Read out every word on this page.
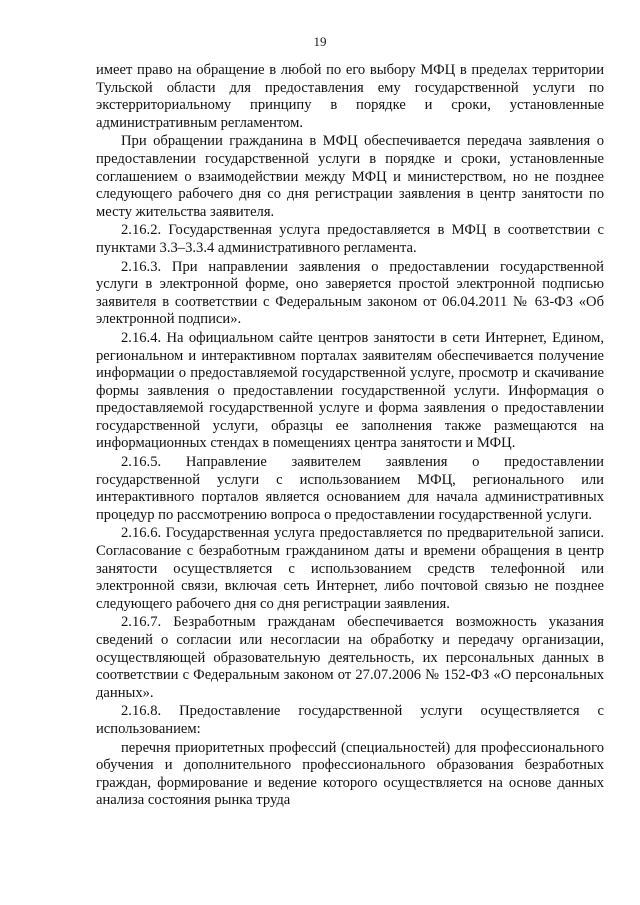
19

имеет право на обращение в любой по его выбору МФЦ в пределах территории Тульской области для предоставления ему государственной услуги по экстерриториальному принципу в порядке и сроки, установленные административным регламентом.

При обращении гражданина в МФЦ обеспечивается передача заявления о предоставлении государственной услуги в порядке и сроки, установленные соглашением о взаимодействии между МФЦ и министерством, но не позднее следующего рабочего дня со дня регистрации заявления в центр занятости по месту жительства заявителя.

2.16.2. Государственная услуга предоставляется в МФЦ в соответствии с пунктами 3.3–3.3.4 административного регламента.

2.16.3. При направлении заявления о предоставлении государственной услуги в электронной форме, оно заверяется простой электронной подписью заявителя в соответствии с Федеральным законом от 06.04.2011 № 63-ФЗ «Об электронной подписи».

2.16.4. На официальном сайте центров занятости в сети Интернет, Едином, региональном и интерактивном порталах заявителям обеспечивается получение информации о предоставляемой государственной услуге, просмотр и скачивание формы заявления о предоставлении государственной услуги. Информация о предоставляемой государственной услуге и форма заявления о предоставлении государственной услуги, образцы ее заполнения также размещаются на информационных стендах в помещениях центра занятости и МФЦ.

2.16.5. Направление заявителем заявления о предоставлении государственной услуги с использованием МФЦ, регионального или интерактивного порталов является основанием для начала административных процедур по рассмотрению вопроса о предоставлении государственной услуги.

2.16.6. Государственная услуга предоставляется по предварительной записи. Согласование с безработным гражданином даты и времени обращения в центр занятости осуществляется с использованием средств телефонной или электронной связи, включая сеть Интернет, либо почтовой связью не позднее следующего рабочего дня со дня регистрации заявления.

2.16.7. Безработным гражданам обеспечивается возможность указания сведений о согласии или несогласии на обработку и передачу организации, осуществляющей образовательную деятельность, их персональных данных в соответствии с Федеральным законом от 27.07.2006 № 152-ФЗ «О персональных данных».

2.16.8. Предоставление государственной услуги осуществляется с использованием:

перечня приоритетных профессий (специальностей) для профессионального обучения и дополнительного профессионального образования безработных граждан, формирование и ведение которого осуществляется на основе данных анализа состояния рынка труда
